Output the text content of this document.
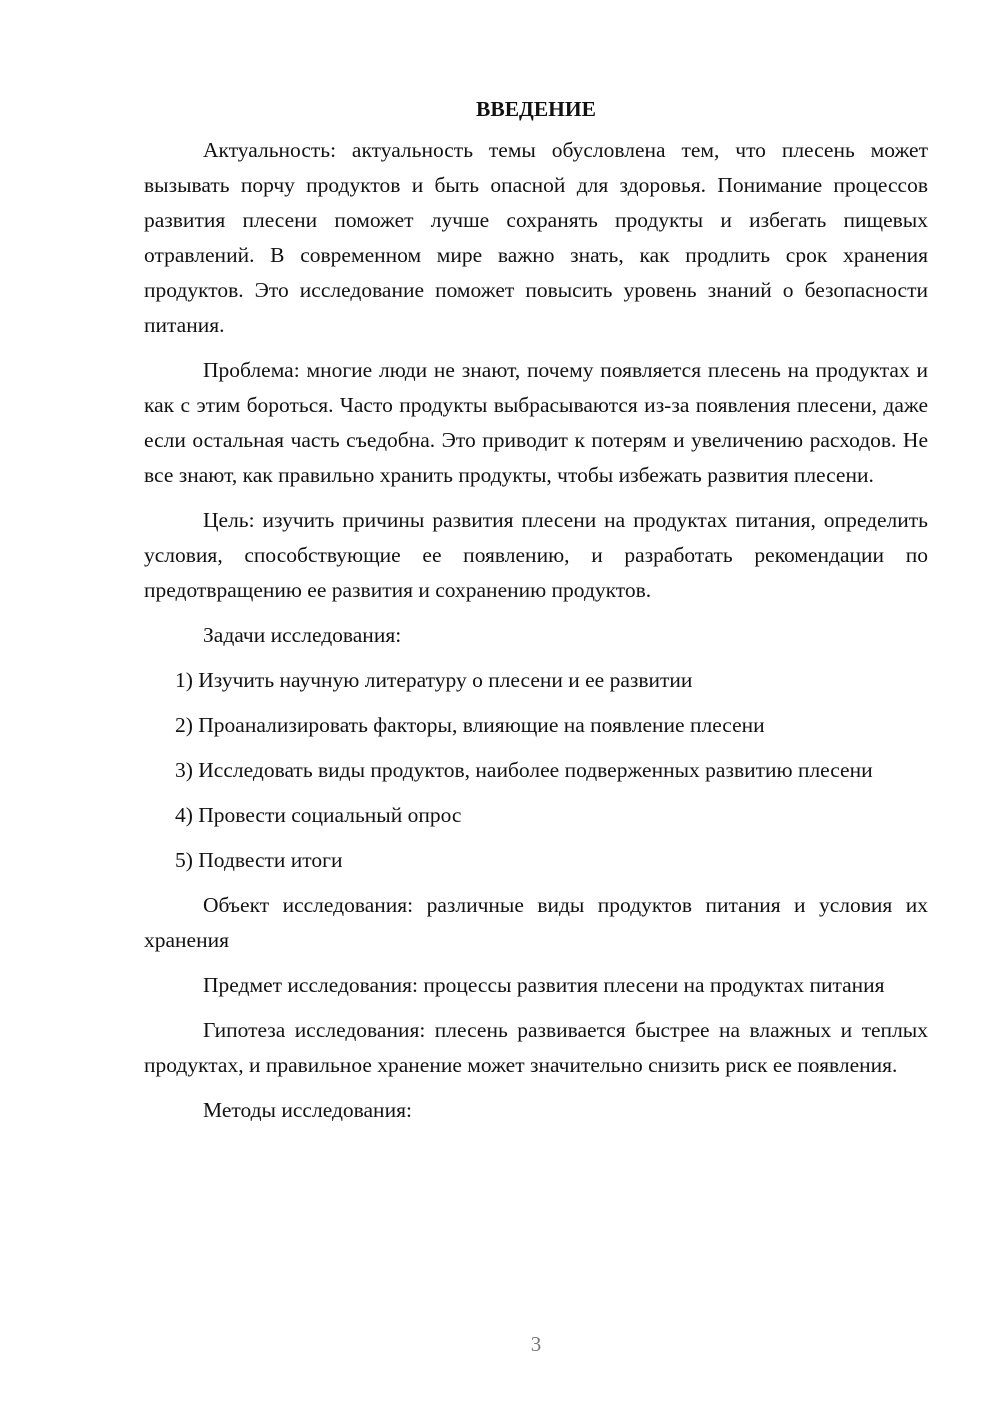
ВВЕДЕНИЕ

Актуальность: актуальность темы обусловлена тем, что плесень может вызывать порчу продуктов и быть опасной для здоровья. Понимание процессов развития плесени поможет лучше сохранять продукты и избегать пищевых отравлений. В современном мире важно знать, как продлить срок хранения продуктов. Это исследование поможет повысить уровень знаний о безопасности питания.

Проблема: многие люди не знают, почему появляется плесень на продуктах и как с этим бороться. Часто продукты выбрасываются из-за появления плесени, даже если остальная часть съедобна. Это приводит к потерям и увеличению расходов. Не все знают, как правильно хранить продукты, чтобы избежать развития плесени.

Цель: изучить причины развития плесени на продуктах питания, определить условия, способствующие ее появлению, и разработать рекомендации по предотвращению ее развития и сохранению продуктов.

Задачи исследования:

1) Изучить научную литературу о плесени и ее развитии

2) Проанализировать факторы, влияющие на появление плесени

3) Исследовать виды продуктов, наиболее подверженных развитию плесени

4) Провести социальный опрос

5) Подвести итоги

Объект исследования: различные виды продуктов питания и условия их хранения

Предмет исследования: процессы развития плесени на продуктах питания

Гипотеза исследования: плесень развивается быстрее на влажных и теплых продуктах, и правильное хранение может значительно снизить риск ее появления.

Методы исследования:

3
